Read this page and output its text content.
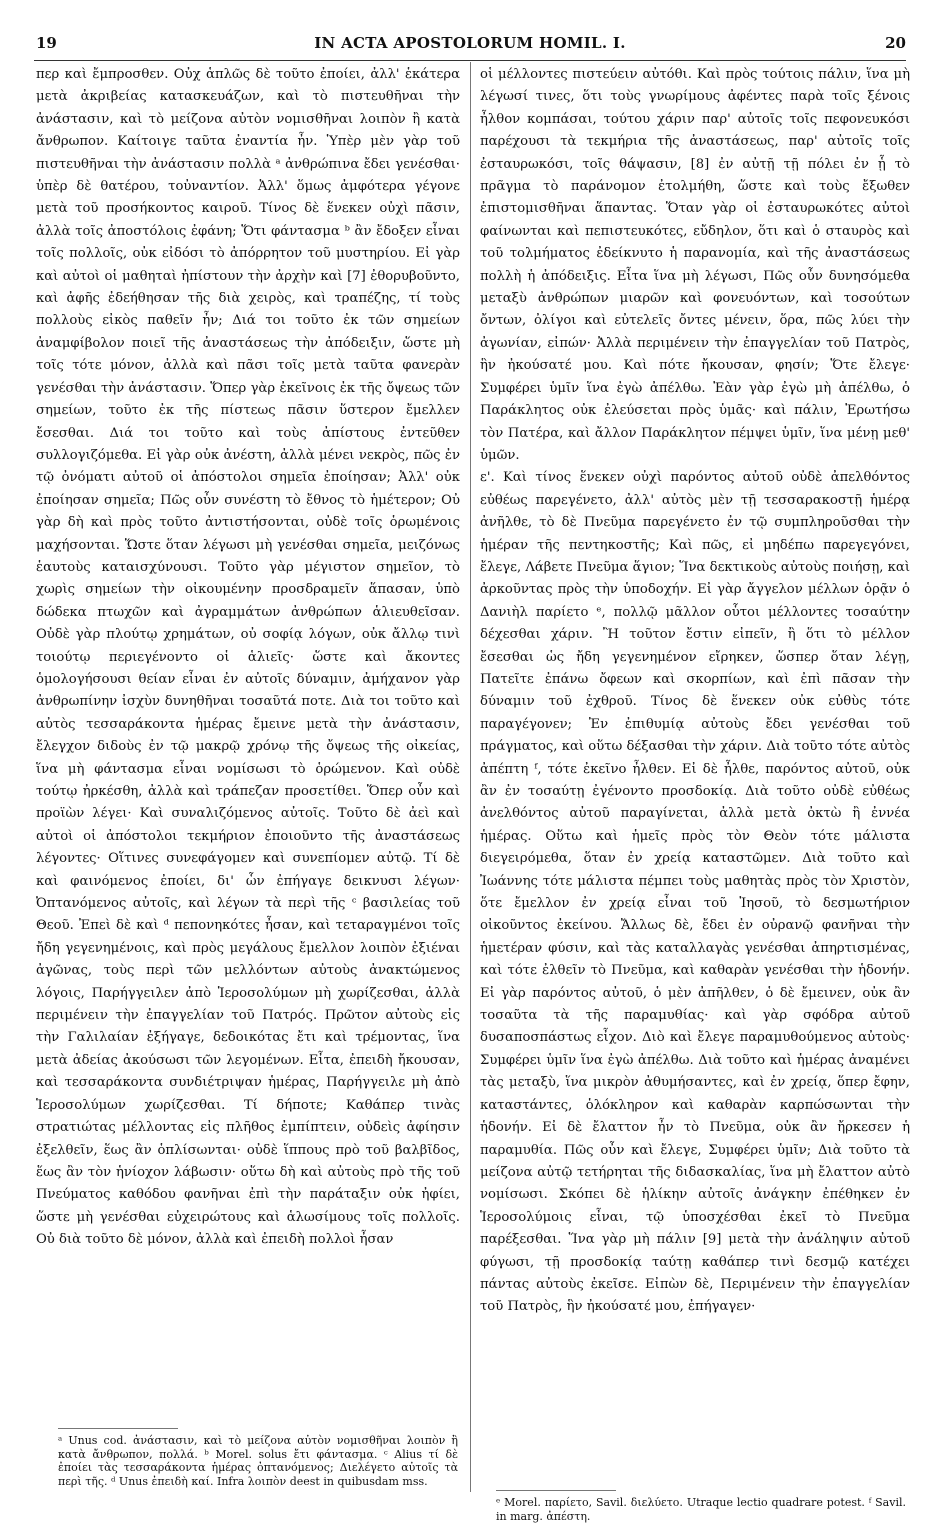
19	IN ACTA APOSTOLORUM HOMIL. I.	20

περ καὶ ἔμπροσθεν. Οὐχ ἁπλῶς δὲ τοῦτο ἐποίει, ἀλλ' ἑκάτερα μετὰ ἀκριβείας κατασκευάζων, καὶ τὸ πιστευθῆναι τὴν ἀνάστασιν, καὶ τὸ μείζονα αὐτὸν νομισθῆναι λοιπὸν ἢ κατὰ ἄνθρωπον. Καίτοιγε ταῦτα ἐναντία ἦν. Ὑπὲρ μὲν γὰρ τοῦ πιστευθῆναι τὴν ἀνάστασιν πολλὰ ᵃ ἀνθρώπινα ἔδει γενέσθαι· ὑπὲρ δὲ θατέρου, τοὐναντίον. Ἀλλ' ὅμως ἀμφότερα γέγονε μετὰ τοῦ προσήκοντος καιροῦ. Τίνος δὲ ἕνεκεν οὐχὶ πᾶσιν, ἀλλὰ τοῖς ἀποστόλοις ἐφάνη; Ὅτι φάντασμα ᵇ ἂν ἔδοξεν εἶναι τοῖς πολλοῖς, οὐκ εἰδόσι τὸ ἀπόρρητον τοῦ μυστηρίου. Εἰ γὰρ καὶ αὐτοὶ οἱ μαθηταὶ ἠπίστουν τὴν ἀρχὴν καὶ [7] ἐθορυβοῦντο, καὶ ἀφῆς ἐδεήθησαν τῆς διὰ χειρὸς, καὶ τραπέζης, τί τοὺς πολλοὺς εἰκὸς παθεῖν ἦν; Διά τοι τοῦτο ἐκ τῶν σημείων ἀναμφίβολον ποιεῖ τῆς ἀναστάσεως τὴν ἀπόδειξιν, ὥστε μὴ τοῖς τότε μόνον, ἀλλὰ καὶ πᾶσι τοῖς μετὰ ταῦτα φανερὰν γενέσθαι τὴν ἀνάστασιν. Ὅπερ γὰρ ἐκεῖνοις ἐκ τῆς ὄψεως τῶν σημείων, τοῦτο ἐκ τῆς πίστεως πᾶσιν ὕστερον ἔμελλεν ἔσεσθαι. Διά τοι τοῦτο καὶ τοὺς ἀπίστους ἐντεῦθεν συλλογιζόμεθα. Εἰ γὰρ οὐκ ἀνέστη, ἀλλὰ μένει νεκρὸς, πῶς ἐν τῷ ὀνόματι αὐτοῦ οἱ ἀπόστολοι σημεῖα ἐποίησαν; Ἀλλ' οὐκ ἐποίησαν σημεῖα; Πῶς οὖν συνέστη τὸ ἔθνος τὸ ἡμέτερον; Οὐ γὰρ δὴ καὶ πρὸς τοῦτο ἀντιστήσονται, οὐδὲ τοῖς ὁρωμένοις μαχήσονται. Ὥστε ὅταν λέγωσι μὴ γενέσθαι σημεῖα, μειζόνως ἑαυτοὺς καταισχύνουσι. Τοῦτο γὰρ μέγιστον σημεῖον, τὸ χωρὶς σημείων τὴν οἰκουμένην προσδραμεῖν ἅπασαν, ὑπὸ δώδεκα πτωχῶν καὶ ἀγραμμάτων ἀνθρώπων ἁλιευθεῖσαν. Οὐδὲ γὰρ πλούτῳ χρημάτων, οὐ σοφίᾳ λόγων, οὐκ ἄλλῳ τινὶ τοιούτῳ περιεγένοντο οἱ ἁλιεῖς· ὥστε καὶ ἄκοντες ὁμολογήσουσι θείαν εἶναι ἐν αὐτοῖς δύναμιν, ἀμήχανον γὰρ ἀνθρωπίνην ἰσχὺν δυνηθῆναι τοσαῦτά ποτε. Διὰ τοι τοῦτο καὶ αὐτὸς τεσσαράκοντα ἡμέρας ἔμεινε μετὰ τὴν ἀνάστασιν, ἔλεγχον διδοὺς ἐν τῷ μακρῷ χρόνῳ τῆς ὄψεως τῆς οἰκείας, ἵνα μὴ φάντασμα εἶναι νομίσωσι τὸ ὁρώμενον. Καὶ οὐδὲ τούτῳ ἠρκέσθη, ἀλλὰ καὶ τράπεζαν προσετίθει. Ὅπερ οὖν καὶ προϊὼν λέγει· Καὶ συναλιζόμενος αὐτοῖς. Τοῦτο δὲ ἀεὶ καὶ αὐτοὶ οἱ ἀπόστολοι τεκμήριον ἐποιοῦντο τῆς ἀναστάσεως λέγοντες· Οἵτινες συνεφάγομεν καὶ συνεπίομεν αὐτῷ. Τί δὲ καὶ φαινόμενος ἐποίει, δι' ὧν ἐπήγαγε δεικνυσι λέγων· Ὀπτανόμενος αὐτοῖς, καὶ λέγων τὰ περὶ τῆς ᶜ βασιλείας τοῦ Θεοῦ. Ἐπεὶ δὲ καὶ ᵈ πεπονηκότες ἦσαν, καὶ τεταραγμένοι τοῖς ἤδη γεγενημένοις, καὶ πρὸς μεγάλους ἔμελλον λοιπὸν ἐξιέναι ἀγῶνας, τοὺς περὶ τῶν μελλόντων αὐτοὺς ἀνακτώμενος λόγοις, Παρήγγειλεν ἀπὸ Ἱεροσολύμων μὴ χωρίζεσθαι, ἀλλὰ περιμένειν τὴν ἐπαγγελίαν τοῦ Πατρός. Πρῶτον αὐτοὺς εἰς τὴν Γαλιλαίαν ἐξήγαγε, δεδοικότας ἔτι καὶ τρέμοντας, ἵνα μετὰ ἀδείας ἀκούσωσι τῶν λεγομένων. Εἶτα, ἐπειδὴ ἤκουσαν, καὶ τεσσαράκοντα συνδιέτριψαν ἡμέρας, Παρήγγειλε μὴ ἀπὸ Ἱεροσολύμων χωρίζεσθαι. Τί δήποτε; Καθάπερ τινὰς στρατιώτας μέλλοντας εἰς πλῆθος ἐμπίπτειν, οὐδεὶς ἀφίησιν ἐξελθεῖν, ἕως ἂν ὁπλίσωνται· οὐδὲ ἵππους πρὸ τοῦ βαλβῖδος, ἕως ἂν τὸν ἡνίοχον λάβωσιν· οὕτω δὴ καὶ αὐτοὺς πρὸ τῆς τοῦ Πνεύματος καθόδου φανῆναι ἐπὶ τὴν παράταξιν οὐκ ἠφίει, ὥστε μὴ γενέσθαι εὐχειρώτους καὶ ἁλωσίμους τοῖς πολλοῖς. Οὐ διὰ τοῦτο δὲ μόνον, ἀλλὰ καὶ ἐπειδὴ πολλοὶ ἦσαν

οἱ μέλλοντες πιστεύειν αὐτόθι. Καὶ πρὸς τούτοις πάλιν, ἵνα μὴ λέγωσί τινες, ὅτι τοὺς γνωρίμους ἀφέντες παρὰ τοῖς ξένοις ἦλθον κομπάσαι, τούτου χάριν παρ' αὐτοῖς τοῖς πεφονευκόσι παρέχουσι τὰ τεκμήρια τῆς ἀναστάσεως, παρ' αὐτοῖς τοῖς ἐσταυρωκόσι, τοῖς θάψασιν, [8] ἐν αὐτῇ τῇ πόλει ἐν ᾗ τὸ πρᾶγμα τὸ παράνομον ἐτολμήθη, ὥστε καὶ τοὺς ἔξωθεν ἐπιστομισθῆναι ἅπαντας. Ὅταν γὰρ οἱ ἐσταυρωκότες αὐτοὶ φαίνωνται καὶ πεπιστευκότες, εὔδηλον, ὅτι καὶ ὁ σταυρὸς καὶ τοῦ τολμήματος ἐδείκνυτο ἡ παρανομία, καὶ τῆς ἀναστάσεως πολλὴ ἡ ἀπόδειξις. Εἶτα ἵνα μὴ λέγωσι, Πῶς οὖν δυνησόμεθα μεταξὺ ἀνθρώπων μιαρῶν καὶ φονευόντων, καὶ τοσούτων ὄντων, ὀλίγοι καὶ εὐτελεῖς ὄντες μένειν, ὅρα, πῶς λύει τὴν ἀγωνίαν, εἰπών· Ἀλλὰ περιμένειν τὴν ἐπαγγελίαν τοῦ Πατρὸς, ἣν ἠκούσατέ μου. Καὶ πότε ἤκουσαν, φησίν; Ὅτε ἔλεγε· Συμφέρει ὑμῖν ἵνα ἐγὼ ἀπέλθω. Ἐὰν γὰρ ἐγὼ μὴ ἀπέλθω, ὁ Παράκλητος οὐκ ἐλεύσεται πρὸς ὑμᾶς· καὶ πάλιν, Ἐρωτήσω τὸν Πατέρα, καὶ ἄλλον Παράκλητον πέμψει ὑμῖν, ἵνα μένῃ μεθ' ὑμῶν.

ε'. Καὶ τίνος ἕνεκεν οὐχὶ παρόντος αὐτοῦ οὐδὲ ἀπελθόντος εὐθέως παρεγένετο, ἀλλ' αὐτὸς μὲν τῇ τεσσαρακοστῇ ἡμέρᾳ ἀνῆλθε, τὸ δὲ Πνεῦμα παρεγένετο ἐν τῷ συμπληροῦσθαι τὴν ἡμέραν τῆς πεντηκοστῆς; Καὶ πῶς, εἰ μηδέπω παρεγεγόνει, ἔλεγε, Λάβετε Πνεῦμα ἅγιον; Ἵνα δεκτικοὺς αὐτοὺς ποιήσῃ, καὶ ἀρκοῦντας πρὸς τὴν ὑποδοχήν. Εἰ γὰρ ἄγγελον μέλλων ὁρᾷν ὁ Δανιὴλ παρίετο ᵉ, πολλῷ μᾶλλον οὗτοι μέλλοντες τοσαύτην δέχεσθαι χάριν. Ἢ τοῦτον ἔστιν εἰπεῖν, ἢ ὅτι τὸ μέλλον ἔσεσθαι ὡς ἤδη γεγενημένον εἴρηκεν, ὥσπερ ὅταν λέγῃ, Πατεῖτε ἐπάνω ὄφεων καὶ σκορπίων, καὶ ἐπὶ πᾶσαν τὴν δύναμιν τοῦ ἐχθροῦ. Τίνος δὲ ἕνεκεν οὐκ εὐθὺς τότε παραγέγονεν; Ἐν ἐπιθυμίᾳ αὐτοὺς ἔδει γενέσθαι τοῦ πράγματος, καὶ οὕτω δέξασθαι τὴν χάριν. Διὰ τοῦτο τότε αὐτὸς ἀπέπτη ᶠ, τότε ἐκεῖνο ἦλθεν. Εἰ δὲ ἦλθε, παρόντος αὐτοῦ, οὐκ ἂν ἐν τοσαύτῃ ἐγένοντο προσδοκίᾳ. Διὰ τοῦτο οὐδὲ εὐθέως ἀνελθόντος αὐτοῦ παραγίνεται, ἀλλὰ μετὰ ὀκτὼ ἢ ἐννέα ἡμέρας. Οὕτω καὶ ἡμεῖς πρὸς τὸν Θεὸν τότε μάλιστα διεγειρόμεθα, ὅταν ἐν χρείᾳ καταστῶμεν. Διὰ τοῦτο καὶ Ἰωάννης τότε μάλιστα πέμπει τοὺς μαθητὰς πρὸς τὸν Χριστὸν, ὅτε ἔμελλον ἐν χρείᾳ εἶναι τοῦ Ἰησοῦ, τὸ δεσμωτήριον οἰκοῦντος ἐκείνου. Ἄλλως δὲ, ἔδει ἐν οὐρανῷ φανῆναι τὴν ἡμετέραν φύσιν, καὶ τὰς καταλλαγὰς γενέσθαι ἀπηρτισμένας, καὶ τότε ἐλθεῖν τὸ Πνεῦμα, καὶ καθαρὰν γενέσθαι τὴν ἡδονήν. Εἰ γὰρ παρόντος αὐτοῦ, ὁ μὲν ἀπῆλθεν, ὁ δὲ ἔμεινεν, οὐκ ἂν τοσαῦτα τὰ τῆς παραμυθίας· καὶ γὰρ σφόδρα αὐτοῦ δυσαποσπάστως εἶχον. Διὸ καὶ ἔλεγε παραμυθούμενος αὐτοὺς· Συμφέρει ὑμῖν ἵνα ἐγὼ ἀπέλθω. Διὰ τοῦτο καὶ ἡμέρας ἀναμένει τὰς μεταξὺ, ἵνα μικρὸν ἀθυμήσαντες, καὶ ἐν χρείᾳ, ὅπερ ἔφην, καταστάντες, ὁλόκληρον καὶ καθαρὰν καρπώσωνται τὴν ἡδονήν. Εἰ δὲ ἔλαττον ἦν τὸ Πνεῦμα, οὐκ ἂν ἤρκεσεν ἡ παραμυθία. Πῶς οὖν καὶ ἔλεγε, Συμφέρει ὑμῖν; Διὰ τοῦτο τὰ μείζονα αὐτῷ τετήρηται τῆς διδασκαλίας, ἵνα μὴ ἔλαττον αὐτὸ νομίσωσι. Σκόπει δὲ ἡλίκην αὐτοῖς ἀνάγκην ἐπέθηκεν ἐν Ἱεροσολύμοις εἶναι, τῷ ὑποσχέσθαι ἐκεῖ τὸ Πνεῦμα παρέξεσθαι. Ἵνα γὰρ μὴ πάλιν [9] μετὰ τὴν ἀνάληψιν αὐτοῦ φύγωσι, τῇ προσδοκίᾳ ταύτῃ καθάπερ τινὶ δεσμῷ κατέχει πάντας αὐτοὺς ἐκεῖσε. Εἰπὼν δὲ, Περιμένειν τὴν ἐπαγγελίαν τοῦ Πατρὸς, ἣν ἠκούσατέ μου, ἐπήγαγεν·

ᵃ Unus cod. ἀνάστασιν, καὶ τὸ μείζονα αὐτὸν νομισθῆναι λοιπὸν ἢ κατὰ ἄνθρωπον, πολλά. ᵇ Morel. solus ἔτι φάντασμα. ᶜ Alius τί δὲ ἐποίει τὰς τεσσαράκοντα ἡμέρας ὀπτανόμενος; Διελέγετο αὐτοῖς τὰ περὶ τῆς. ᵈ Unus ἐπειδὴ καί. Infra λοιπὸν deest in quibusdam mss.
ᵉ Morel. παρίετο, Savil. διελύετο. Utraque lectio quadrare potest. ᶠ Savil. in marg. ἀπέστη.
